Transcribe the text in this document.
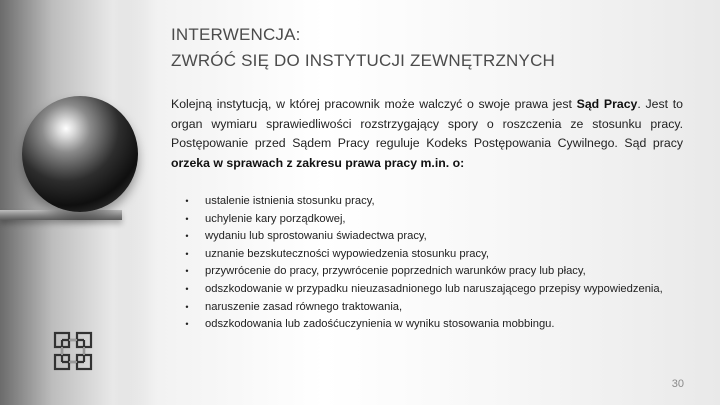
INTERWENCJA:
ZWRÓĆ SIĘ DO INSTYTUCJI ZEWNĘTRZNYCH
Kolejną instytucją, w której pracownik może walczyć o swoje prawa jest Sąd Pracy. Jest to organ wymiaru sprawiedliwości rozstrzygający spory o roszczenia ze stosunku pracy. Postępowanie przed Sądem Pracy reguluje Kodeks Postępowania Cywilnego. Sąd pracy orzeka w sprawach z zakresu prawa pracy m.in. o:
• ustalenie istnienia stosunku pracy,
• uchylenie kary porządkowej,
• wydaniu lub sprostowaniu świadectwa pracy,
• uznanie bezskuteczności wypowiedzenia stosunku pracy,
• przywrócenie do pracy, przywrócenie poprzednich warunków pracy lub płacy,
• odszkodowanie w przypadku nieuzasadnionego lub naruszającego przepisy wypowiedzenia,
• naruszenie zasad równego traktowania,
• odszkodowania lub zadośćuczynienia w wyniku stosowania mobbingu.
30
